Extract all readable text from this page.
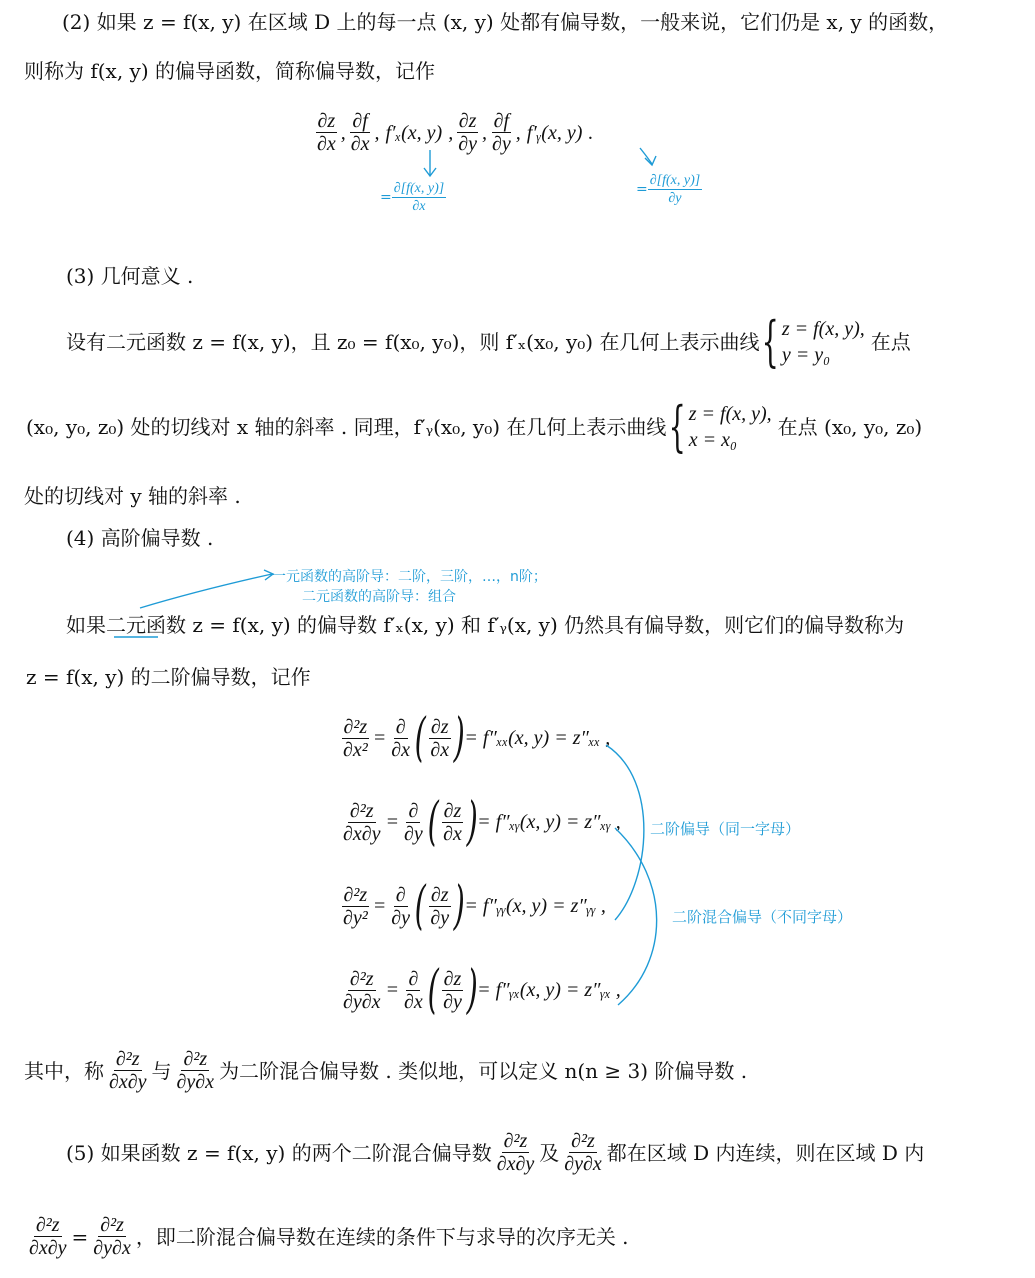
(2) 如果 z = f(x, y) 在区域 D 上的每一点 (x, y) 处都有偏导数，一般来说，它们仍是 x, y 的函数，
则称为 f(x, y) 的偏导函数，简称偏导数，记作
$\frac{\partial z}{\partial x}$ , $\frac{\partial f}{\partial x}$ , f′ₓ(x, y) , $\frac{\partial z}{\partial y}$ , $\frac{\partial f}{\partial y}$ , f′ᵧ(x, y) .
= $\frac{\partial[f(x, y)]}{\partial x}$	= $\frac{\partial[f(x, y)]}{\partial y}$
(3) 几何意义 .
设有二元函数 z = f(x, y)，且 z₀ = f(x₀, y₀)，则 f′ₓ(x₀, y₀) 在几何上表示曲线 { z = f(x, y),
y = y₀
在点
(x₀, y₀, z₀) 处的切线对 x 轴的斜率 . 同理，f′ᵧ(x₀, y₀) 在几何上表示曲线 { z = f(x, y),
x = x₀
在点 (x₀, y₀, z₀)
处的切线对 y 轴的斜率 .
(4) 高阶偏导数 .
一元函数的高阶导：二阶，三阶，…，n阶；
二元函数的高阶导：组合
如果二元函数 z = f(x, y) 的偏导数 f′ₓ(x, y) 和 f′ᵧ(x, y) 仍然具有偏导数，则它们的偏导数称为
z = f(x, y) 的二阶偏导数，记作
$\frac{\text{∂²z}}{\text{∂x²}} = \frac{\partial}{\partial x}$ ( $\frac{\partial z}{\partial x}$ ) = f″ₓₓ(x, y) = z″ₓₓ ,
$\frac{\text{∂²z}}{\partial x\partial y} = \frac{\partial}{\partial y}$ ( $\frac{\partial z}{\partial x}$ ) = f″ₓᵧ(x, y) = z″ₓᵧ ,
$\frac{\text{∂²z}}{\text{∂y²}} = \frac{\partial}{\partial y}$ ( $\frac{\partial z}{\partial y}$ ) = f″ᵧᵧ(x, y) = z″ᵧᵧ ,
$\frac{\text{∂²z}}{\partial y\partial x} = \frac{\partial}{\partial x}$ ( $\frac{\partial z}{\partial y}$ ) = f″ᵧₓ(x, y) = z″ᵧₓ ,
二阶偏导（同一字母）
二阶混合偏导（不同字母）
其中，称 $\frac{\text{∂²z}}{\partial x\partial y}$ 与 $\frac{\text{∂²z}}{\partial y\partial x}$ 为二阶混合偏导数 . 类似地，可以定义 n(n ≥ 3) 阶偏导数 .
(5) 如果函数 z = f(x, y) 的两个二阶混合偏导数 $\frac{\text{∂²z}}{\partial x\partial y}$ 及 $\frac{\text{∂²z}}{\partial y\partial x}$ 都在区域 D 内连续，则在区域 D 内
$\frac{\text{∂²z}}{\partial x\partial y} = \frac{\text{∂²z}}{\partial y\partial x}$ ，即二阶混合偏导数在连续的条件下与求导的次序无关 .
